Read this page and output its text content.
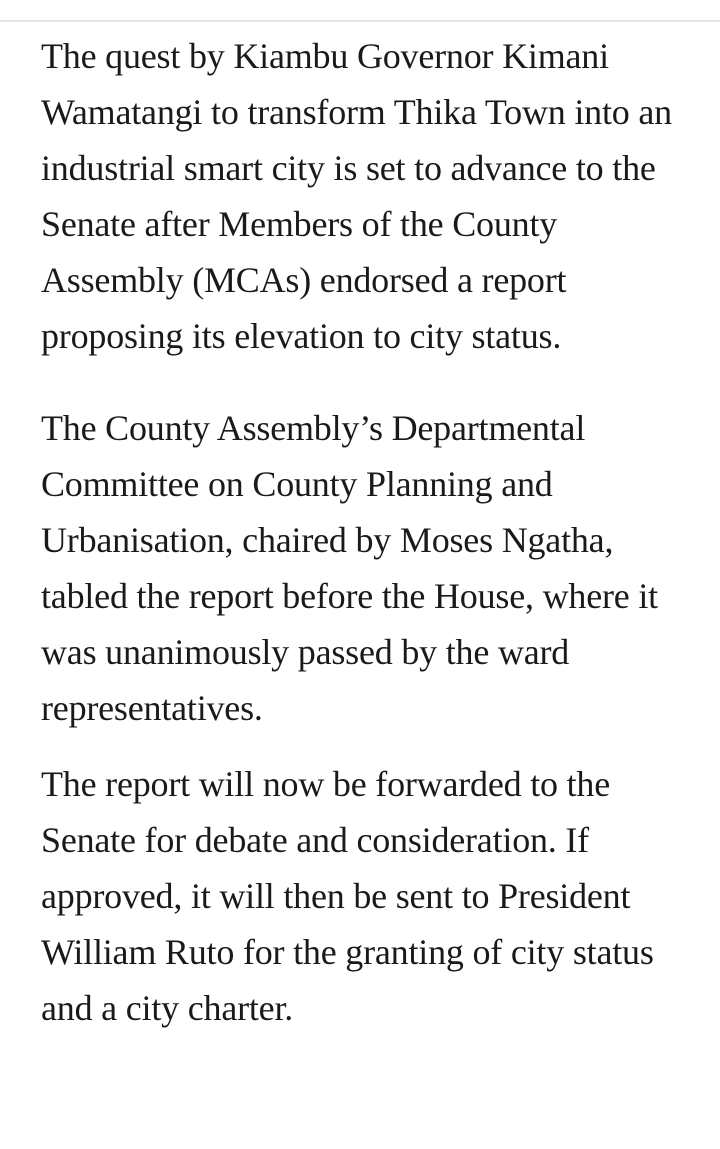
The quest by Kiambu Governor Kimani Wamatangi to transform Thika Town into an industrial smart city is set to advance to the Senate after Members of the County Assembly (MCAs) endorsed a report proposing its elevation to city status.

The County Assembly’s Departmental Committee on County Planning and Urbanisation, chaired by Moses Ngatha, tabled the report before the House, where it was unanimously passed by the ward representatives.

The report will now be forwarded to the Senate for debate and consideration. If approved, it will then be sent to President William Ruto for the granting of city status and a city charter.
